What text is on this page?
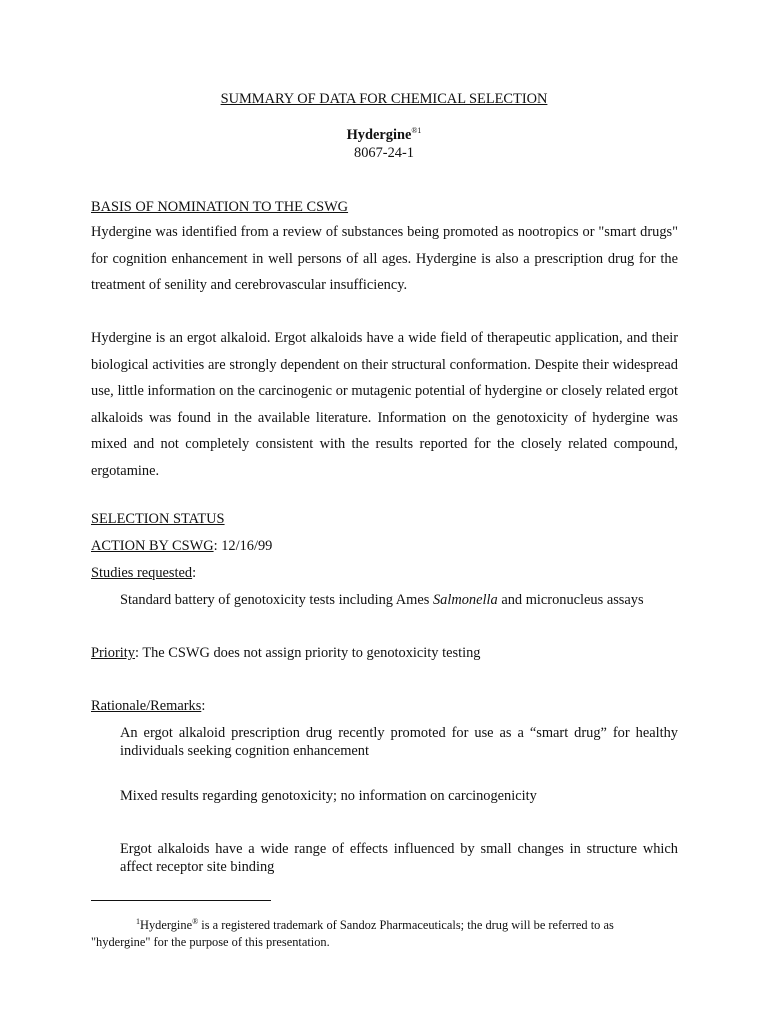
SUMMARY OF DATA FOR CHEMICAL SELECTION
Hydergine$^{®1}$
8067-24-1
BASIS OF NOMINATION TO THE CSWG
Hydergine was identified from a review of substances being promoted as nootropics or "smart drugs" for cognition enhancement in well persons of all ages. Hydergine is also a prescription drug for the treatment of senility and cerebrovascular insufficiency.
Hydergine is an ergot alkaloid. Ergot alkaloids have a wide field of therapeutic application, and their biological activities are strongly dependent on their structural conformation. Despite their widespread use, little information on the carcinogenic or mutagenic potential of hydergine or closely related ergot alkaloids was found in the available literature. Information on the genotoxicity of hydergine was mixed and not completely consistent with the results reported for the closely related compound, ergotamine.
SELECTION STATUS
ACTION BY CSWG: 12/16/99
Studies requested:
Standard battery of genotoxicity tests including Ames Salmonella and micronucleus assays
Priority: The CSWG does not assign priority to genotoxicity testing
Rationale/Remarks:
An ergot alkaloid prescription drug recently promoted for use as a “smart drug” for healthy individuals seeking cognition enhancement
Mixed results regarding genotoxicity; no information on carcinogenicity
Ergot alkaloids have a wide range of effects influenced by small changes in structure which affect receptor site binding
$^1$Hydergine® is a registered trademark of Sandoz Pharmaceuticals; the drug will be referred to as "hydergine" for the purpose of this presentation.
